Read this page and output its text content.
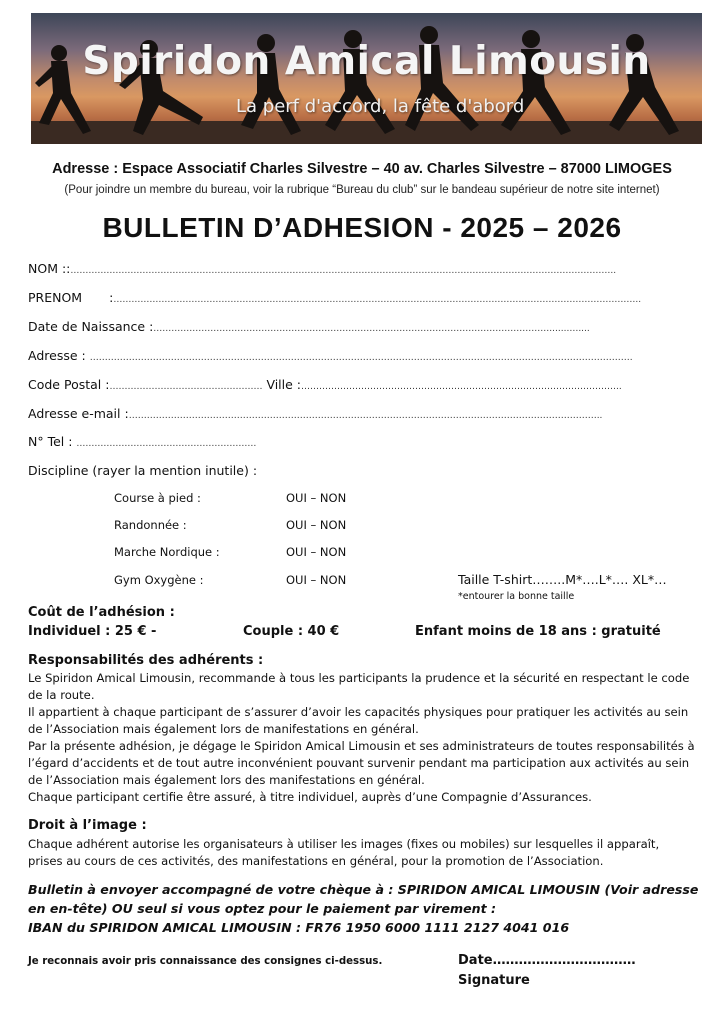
Spiridon Amical Limousin
La perf d'accord, la fête d'abord
Adresse : Espace Associatif Charles Silvestre – 40 av. Charles Silvestre – 87000 LIMOGES
(Pour joindre un membre du bureau, voir la rubrique “Bureau du club” sur le bandeau supérieur de notre site internet)
BULLETIN D’ADHESION - 2025 – 2026
NOM ::………………………………………………………………………………………………………………………………………………………………..
PRENOM :…………………………………………………………………………………………………………………………………………………………..
Date de Naissance :…………………………………………………………………………………………………………………….......…....
Adresse : ……………………………………………………………………………………………………………………………………………………………….
Code Postal :…………………………………………… Ville :……………………………………………………………………………………………..
Adresse e-mail :…………………………………………………………………………………………………………………………………………..
N° Tel : ……………………………………………………
Discipline (rayer la mention inutile) :
Course à pied :	OUI – NON
Randonnée :	OUI – NON
Marche Nordique :	OUI – NON
Gym Oxygène :	OUI – NON	Taille T-shirt……..M*….L*…. XL*…
*entourer la bonne taille
Coût de l’adhésion :
Individuel : 25 € -	Couple : 40 €	Enfant moins de 18 ans : gratuité
Responsabilités des adhérents :

Le Spiridon Amical Limousin, recommande à tous les participants la prudence et la sécurité en respectant le code de la route.

Il appartient à chaque participant de s’assurer d’avoir les capacités physiques pour pratiquer les activités au sein de l’Association mais également lors de manifestations en général.

Par la présente adhésion, je dégage le Spiridon Amical Limousin et ses administrateurs de toutes responsabilités à l’égard d’accidents et de tout autre inconvénient pouvant survenir pendant ma participation aux activités au sein de l’Association mais également lors des manifestations en général.

Chaque participant certifie être assuré, à titre individuel, auprès d’une Compagnie d’Assurances.

Droit à l’image :
Chaque adhérent autorise les organisateurs à utiliser les images (fixes ou mobiles) sur lesquelles il apparaît, prises au cours de ces activités, des manifestations en général, pour la promotion de l’Association.
Bulletin à envoyer accompagné de votre chèque à : SPIRIDON AMICAL LIMOUSIN (Voir adresse en en-tête) OU seul si vous optez pour le paiement par virement :
IBAN du SPIRIDON AMICAL LIMOUSIN : FR76 1950 6000 1111 2127 4041 016
Je reconnais avoir pris connaissance des consignes ci-dessus.	Date……………………………
Signature
